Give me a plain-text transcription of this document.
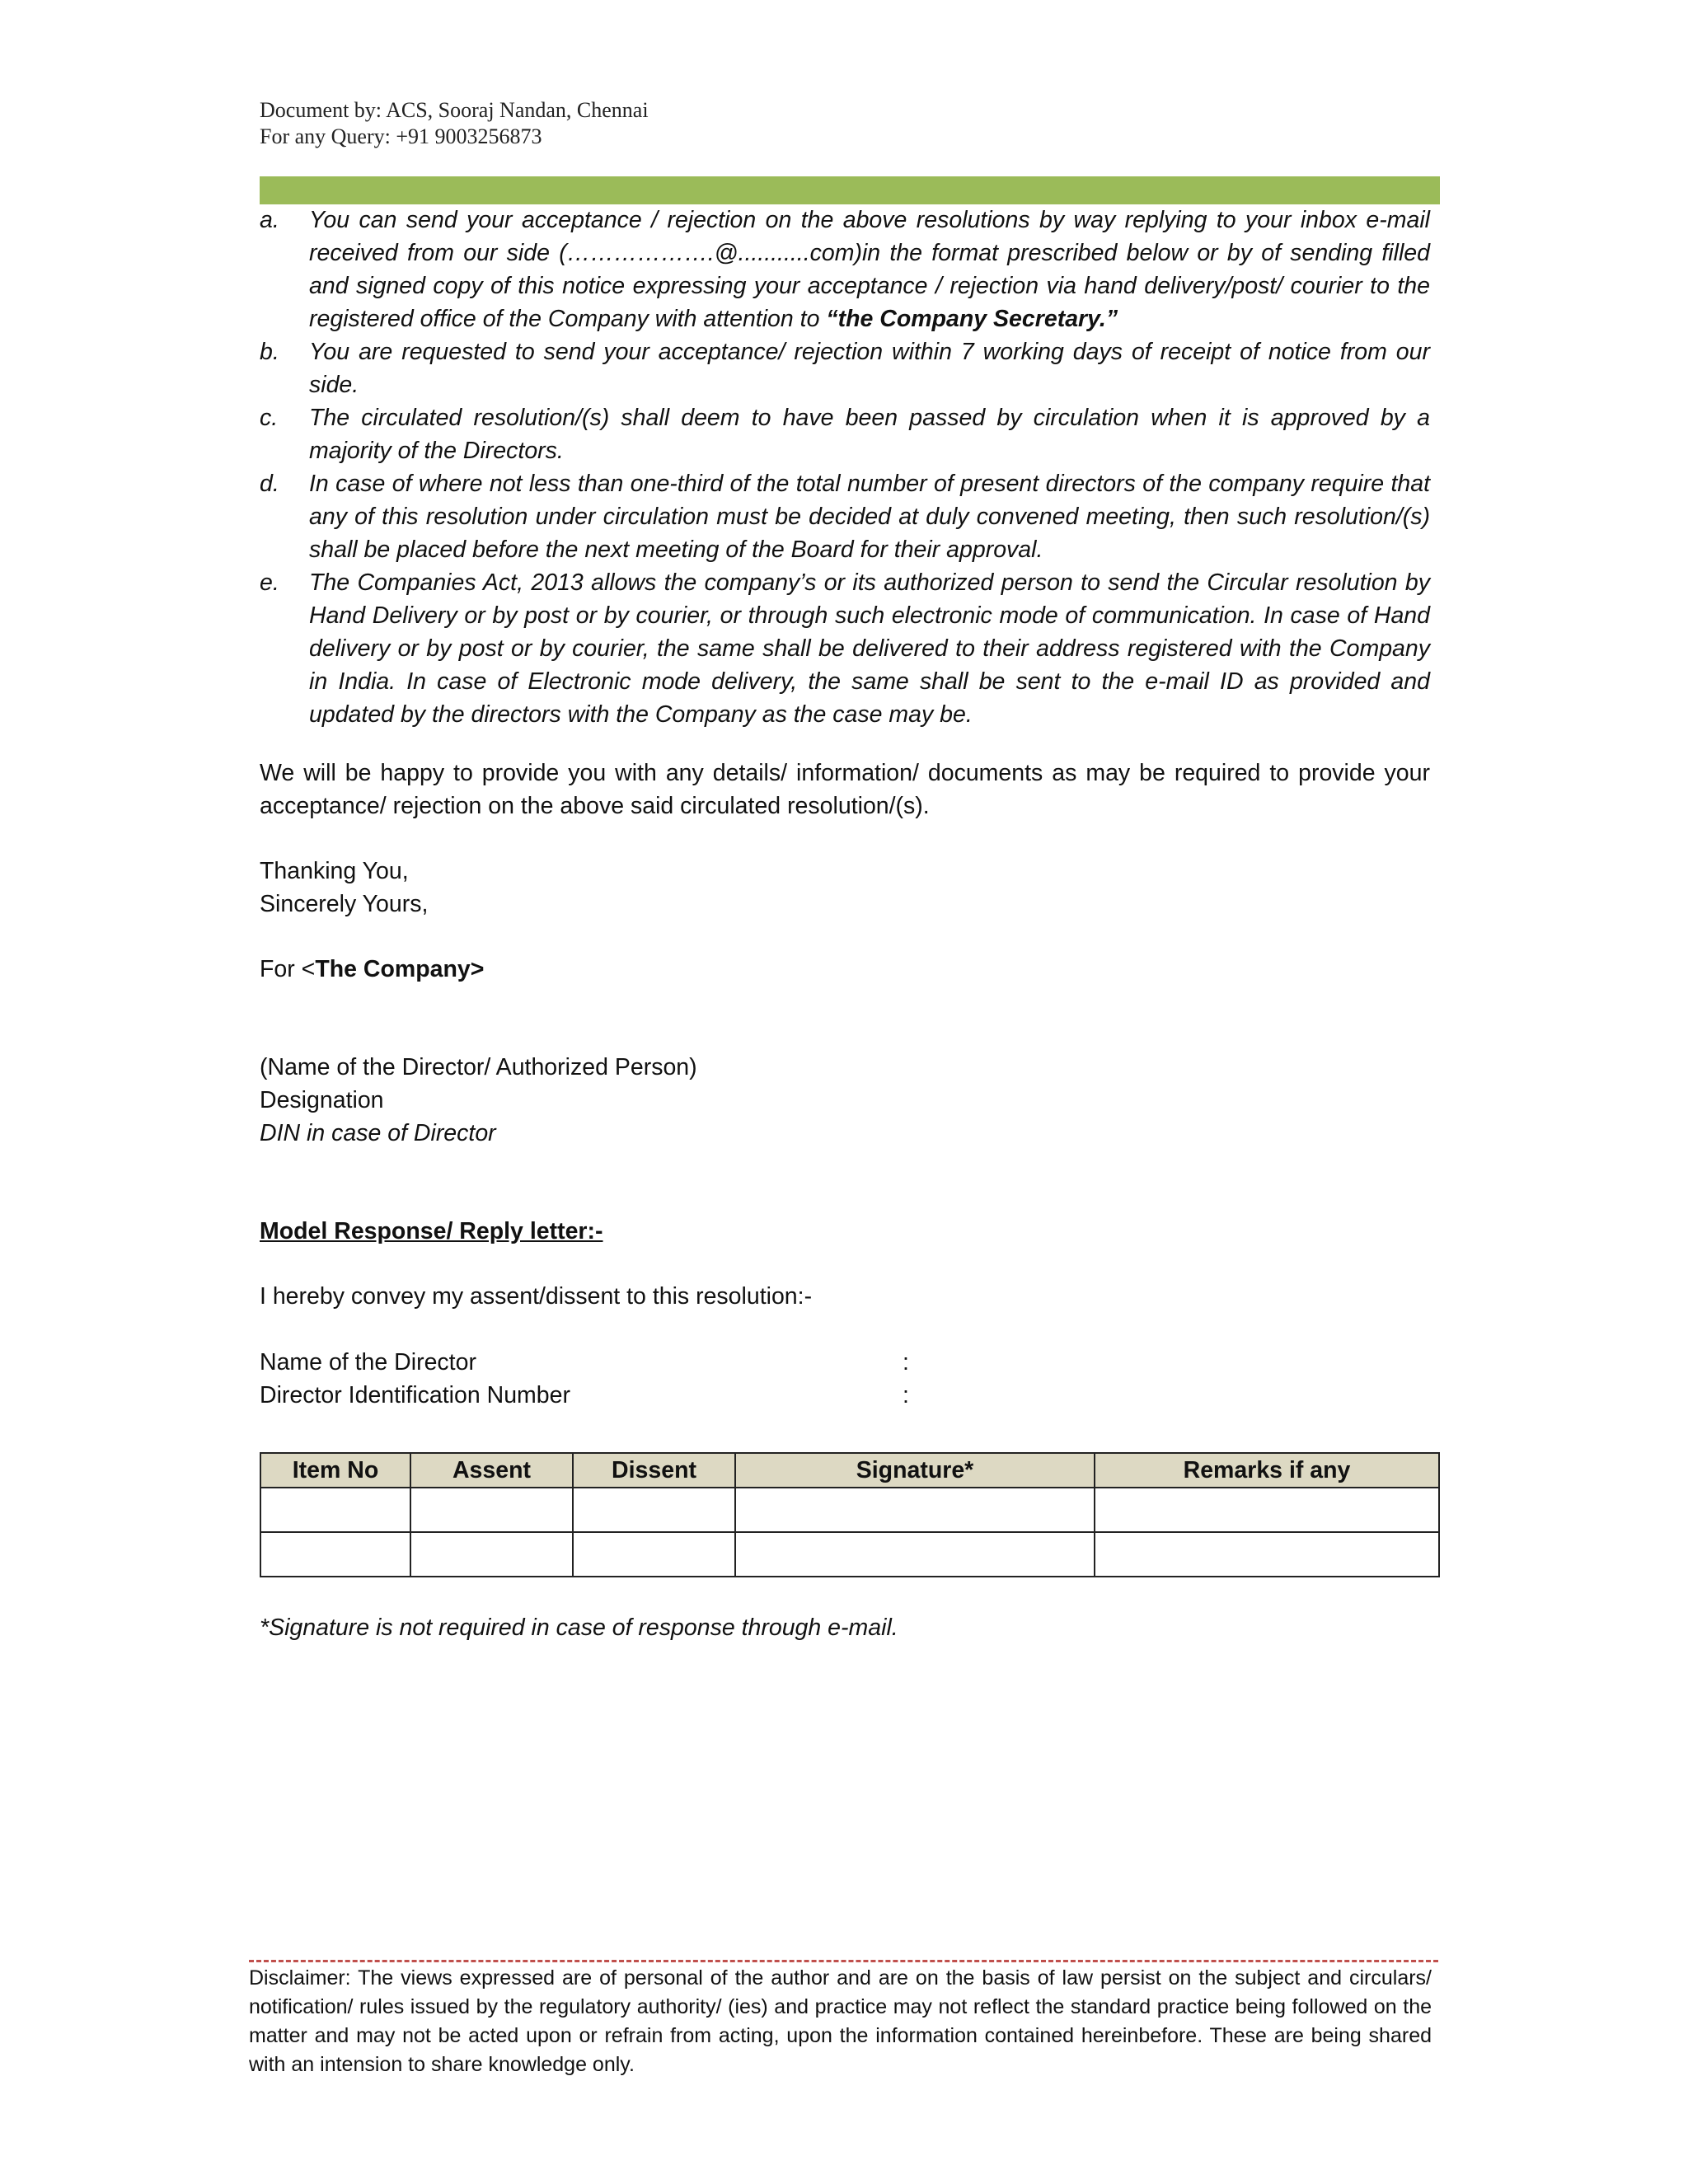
Document by: ACS, Sooraj Nandan, Chennai
For any Query: +91 9003256873
a. You can send your acceptance / rejection on the above resolutions by way replying to your inbox e-mail received from our side (……………….@...........com)in the format prescribed below or by of sending filled and signed copy of this notice expressing your acceptance / rejection via hand delivery/post/ courier to the registered office of the Company with attention to “the Company Secretary.”
b. You are requested to send your acceptance/ rejection within 7 working days of receipt of notice from our side.
c. The circulated resolution/(s) shall deem to have been passed by circulation when it is approved by a majority of the Directors.
d. In case of where not less than one-third of the total number of present directors of the company require that any of this resolution under circulation must be decided at duly convened meeting, then such resolution/(s) shall be placed before the next meeting of the Board for their approval.
e. The Companies Act, 2013 allows the company’s or its authorized person to send the Circular resolution by Hand Delivery or by post or by courier, or through such electronic mode of communication. In case of Hand delivery or by post or by courier, the same shall be delivered to their address registered with the Company in India. In case of Electronic mode delivery, the same shall be sent to the e-mail ID as provided and updated by the directors with the Company as the case may be.
We will be happy to provide you with any details/ information/ documents as may be required to provide your acceptance/ rejection on the above said circulated resolution/(s).
Thanking You,
Sincerely Yours,
For <The Company>
(Name of the Director/ Authorized Person)
Designation
DIN in case of Director
Model Response/ Reply letter:-
I hereby convey my assent/dissent to this resolution:-
Name of the Director	:
Director Identification Number	:
Item No	Assent	Dissent	Signature*	Remarks if any

*Signature is not required in case of response through e-mail.
Disclaimer: The views expressed are of personal of the author and are on the basis of law persist on the subject and circulars/ notification/ rules issued by the regulatory authority/ (ies) and practice may not reflect the standard practice being followed on the matter and may not be acted upon or refrain from acting, upon the information contained hereinbefore. These are being shared with an intension to share knowledge only.
